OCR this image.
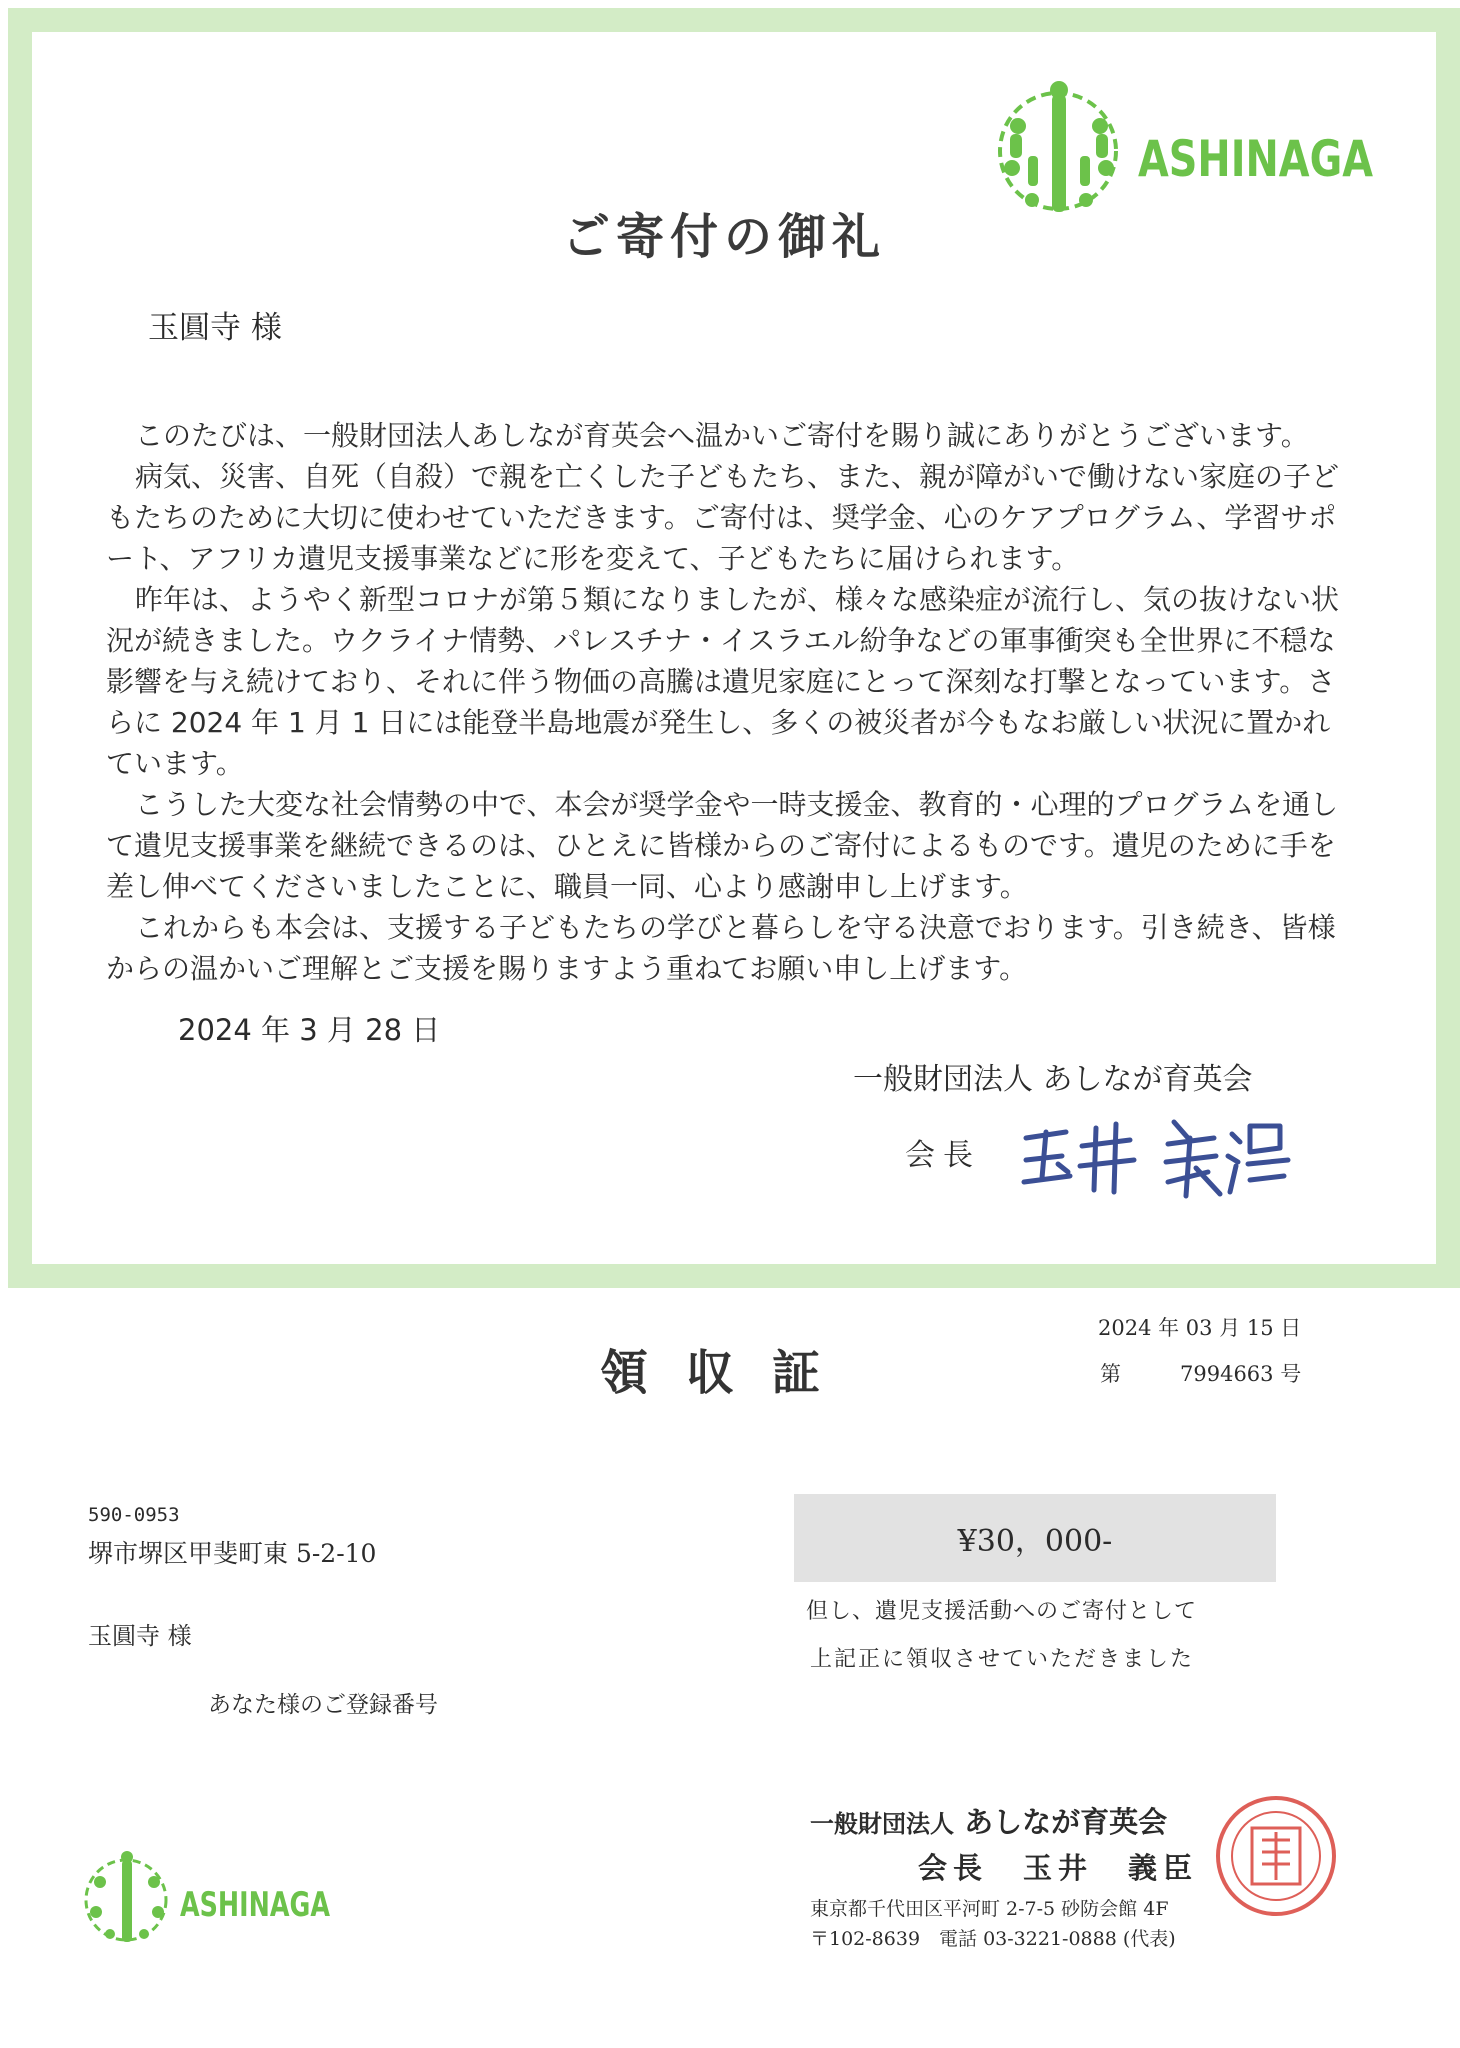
ASHINAGA
ご寄付の御礼
玉圓寺 様

このたびは、一般財団法人あしなが育英会へ温かいご寄付を賜り誠にありがとうございます。

病気、災害、自死（自殺）で親を亡くした子どもたち、また、親が障がいで働けない家庭の子どもたちのために大切に使わせていただきます。ご寄付は、奨学金、心のケアプログラム、学習サポート、アフリカ遺児支援事業などに形を変えて、子どもたちに届けられます。

昨年は、ようやく新型コロナが第５類になりましたが、様々な感染症が流行し、気の抜けない状況が続きました。ウクライナ情勢、パレスチナ・イスラエル紛争などの軍事衝突も全世界に不穏な影響を与え続けており、それに伴う物価の高騰は遺児家庭にとって深刻な打撃となっています。さらに 2024 年 1 月 1 日には能登半島地震が発生し、多くの被災者が今もなお厳しい状況に置かれています。

こうした大変な社会情勢の中で、本会が奨学金や一時支援金、教育的・心理的プログラムを通して遺児支援事業を継続できるのは、ひとえに皆様からのご寄付によるものです。遺児のために手を差し伸べてくださいましたことに、職員一同、心より感謝申し上げます。

これからも本会は、支援する子どもたちの学びと暮らしを守る決意でおります。引き続き、皆様からの温かいご理解とご支援を賜りますよう重ねてお願い申し上げます。

2024 年 3 月 28 日
一般財団法人 あしなが育英会
会長
領収証
2024 年 03 月 15 日
第	7994663 号
590-0953
堺市堺区甲斐町東 5-2-10
玉圓寺 様
あなた様のご登録番号
¥30，000-
但し、遺児支援活動へのご寄付として
上記正に領収させていただきました
一般財団法人 あしなが育英会
会長　玉井　義臣
東京都千代田区平河町 2-7-5 砂防会館 4F
〒102-8639　電話 03-3221-0888 (代表)
ASHINAGA
